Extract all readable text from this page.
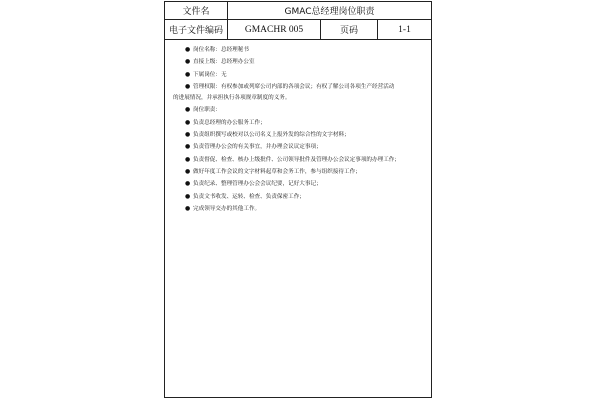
文件名	GMAC总经理岗位职责
电子文件编码	GMACHR 005	页码	1-1
● 岗位名称：总经理秘书
● 直接上级：总经理办公室
● 下属岗位：无
● 管理权限：有权参加或列席公司内部的各项会议；有权了解公司各项生产经营活动
的进展情况，并承担执行各项规章制度的义务。
● 岗位职责：
● 负责总经理的办公服务工作；
● 负责组织撰写或校对以公司名义上报外发的综合性的文字材料；
● 负责管理办公会的有关事宜，并办理会议议定事项；
● 负责督促、检查、核办上级批件、公司领导批件及管理办公会议定事项的办理工作；
● 做好年度工作会议的文字材料起草和会务工作，参与组织接待工作；
● 负责纪录、整理管理办公会会议纪要，记好大事记；
● 负责文书收发、运转、检查、负责保密工作；
● 完成领导交办的其他工作。
